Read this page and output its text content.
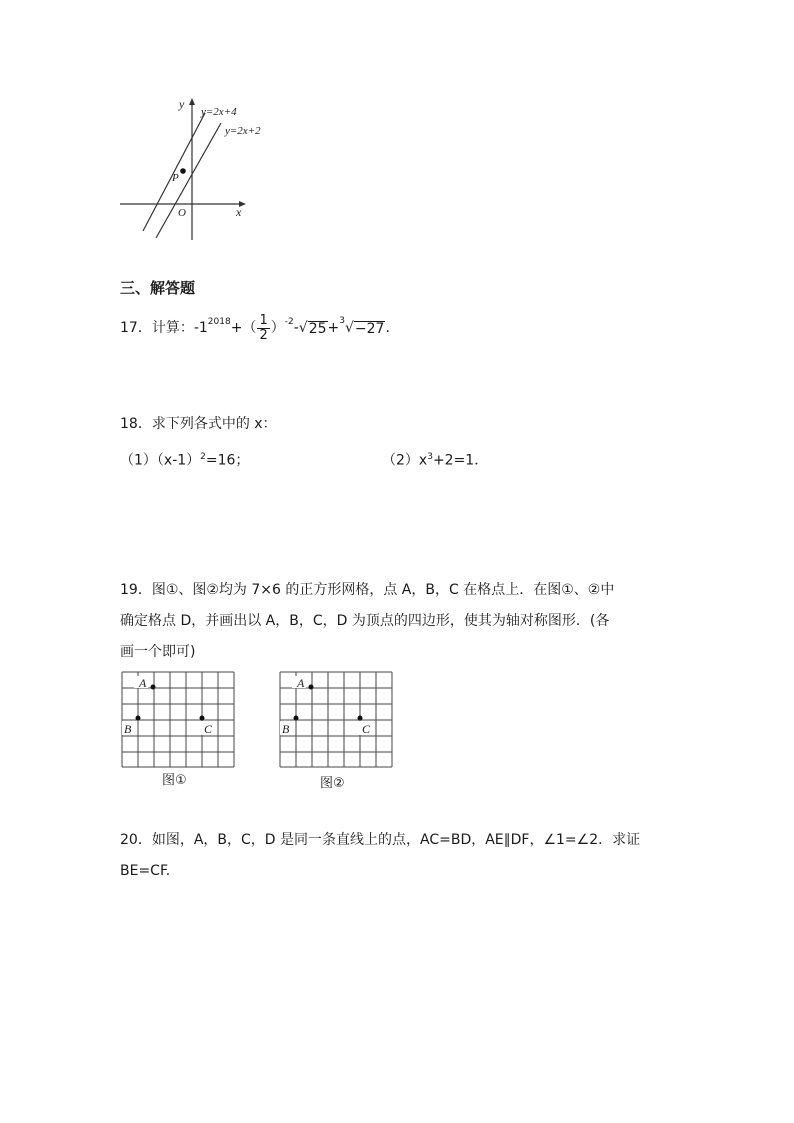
y
x
O
P
y=2x+4
y=2x+2
三、解答题
17． 计算：-1 2018 +（ $\frac{1}{2}$ ） -2 -√ 25 + 3 √ −27 .
18．求下列各式中的 x：
$(1)(x-1)^2=16$；	$(2)x^3+2=1$．
19．图①、图②均为 7×6 的正方形网格，点 A，B，C 在格点上．在图①、②中
确定格点 D，并画出以 A，B，C，D 为顶点的四边形，使其为轴对称图形．(各
画一个即可)
A
B	C
图①
A
B	C
图②
20．如图，A，B，C，D 是同一条直线上的点，AC=BD，AE∥DF，∠1=∠2．求证
BE=CF.
